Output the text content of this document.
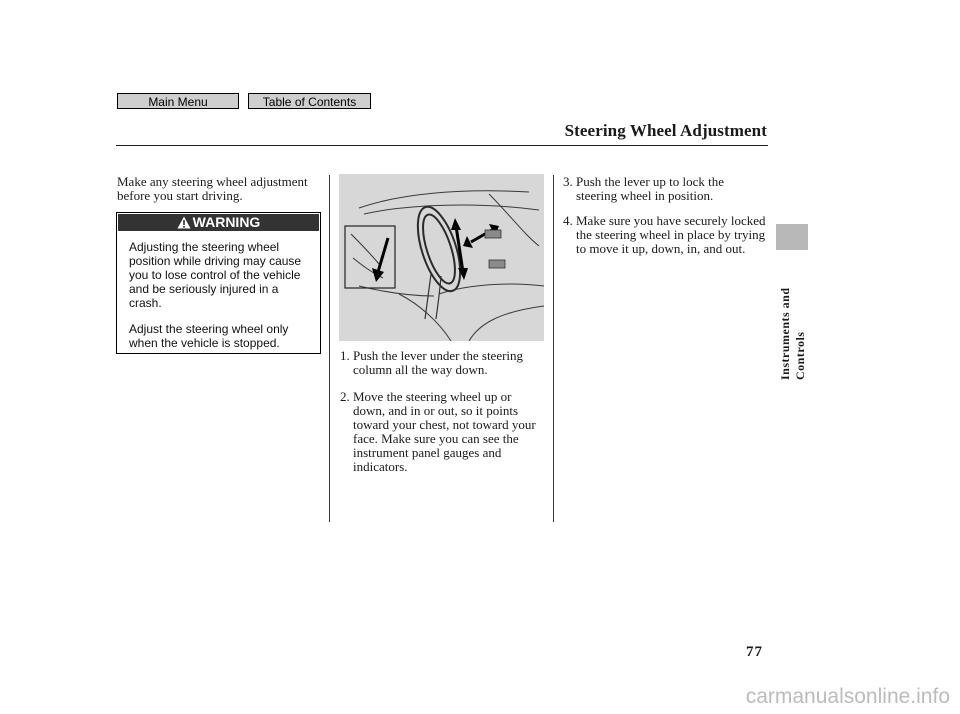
Main Menu	Table of Contents
Steering Wheel Adjustment
Instruments and Controls
Make any steering wheel adjustment before you start driving.
WARNING
Adjusting the steering wheel position while driving may cause you to lose control of the vehicle and be seriously injured in a crash.
Adjust the steering wheel only when the vehicle is stopped.
1. Push the lever under the steering column all the way down.
2. Move the steering wheel up or down, and in or out, so it points toward your chest, not toward your face. Make sure you can see the instrument panel gauges and indicators.
3. Push the lever up to lock the steering wheel in position.
4. Make sure you have securely locked the steering wheel in place by trying to move it up, down, in, and out.
77
carmanualsonline.info
